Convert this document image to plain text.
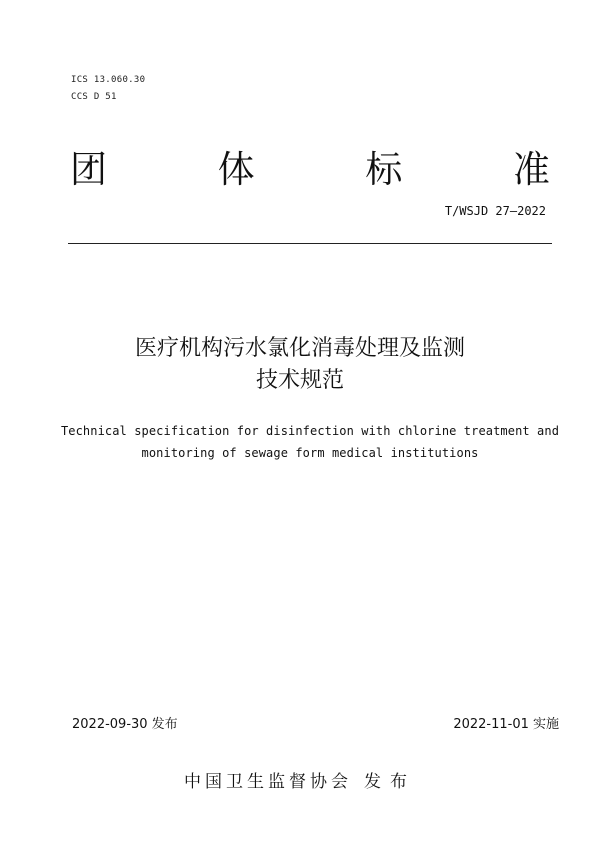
ICS 13.060.30
CCS D 51
团	体	标	准
T/WSJD 27—2022
医疗机构污水氯化消毒处理及监测
技术规范
Technical specification for disinfection with chlorine treatment and
monitoring of sewage form medical institutions
2022-09-30 发布	2022-11-01 实施
中国卫生监督协会 发布
